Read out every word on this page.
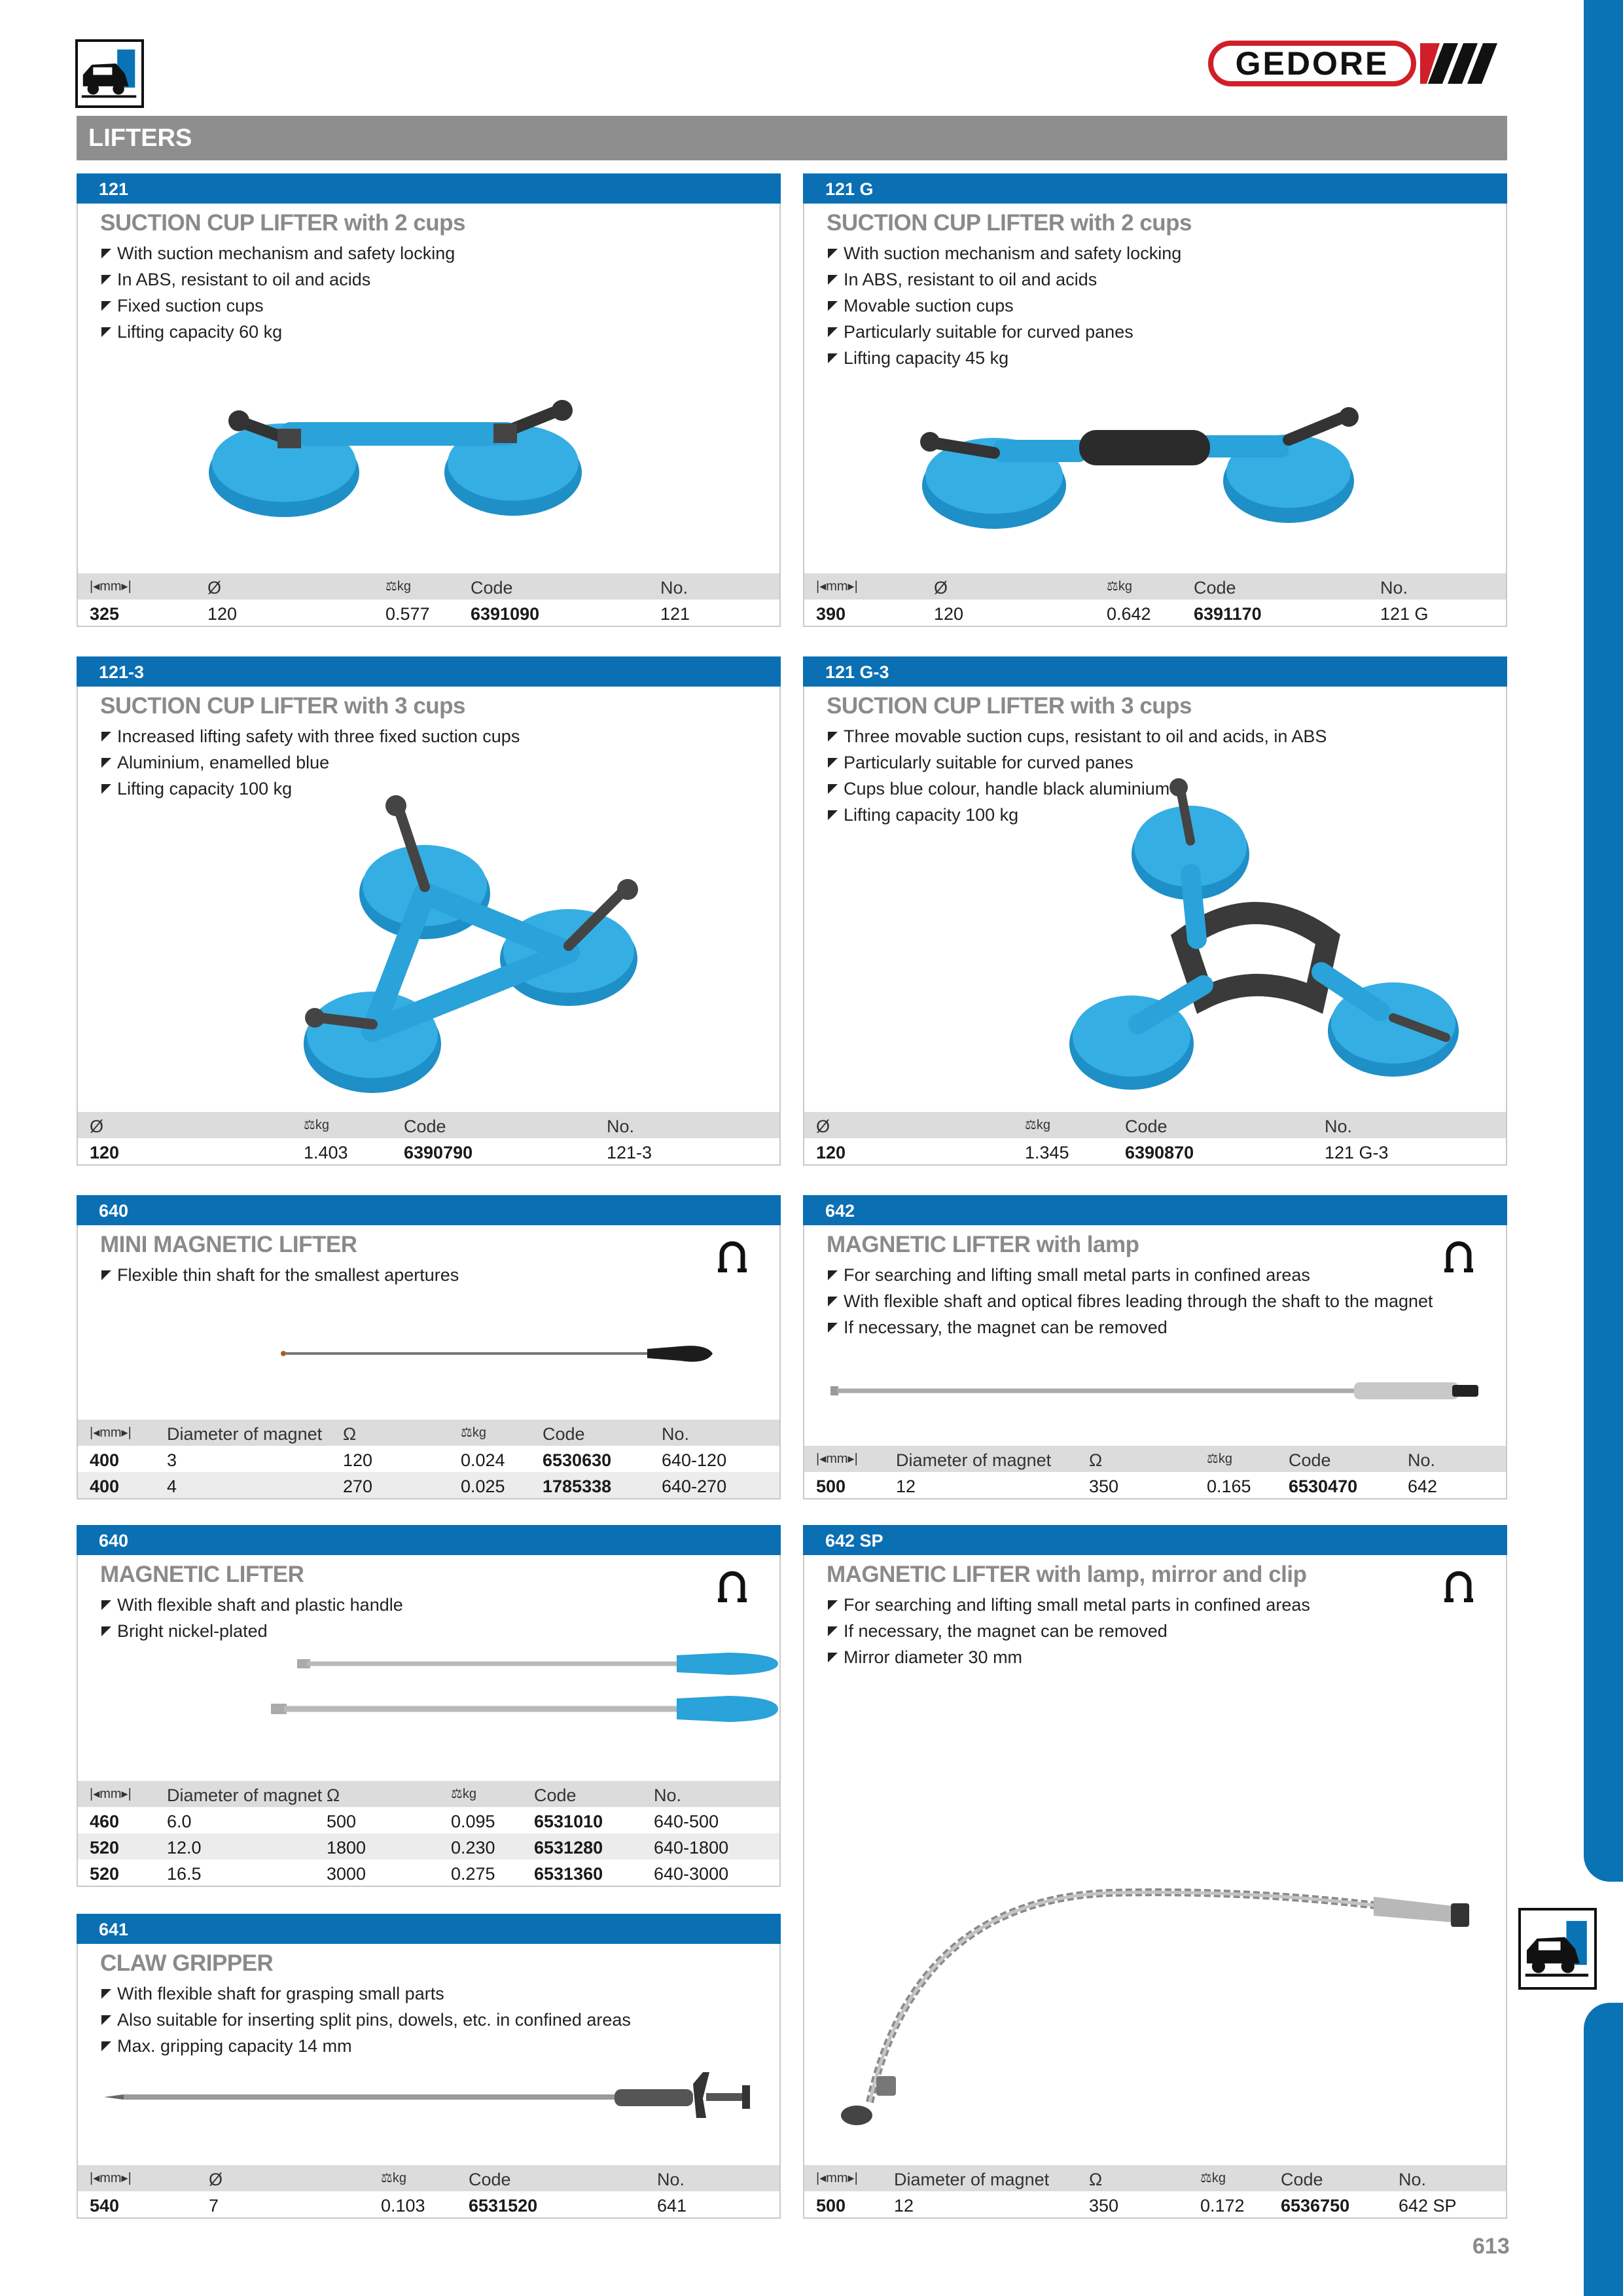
GEDORE
LIFTERS
121
SUCTION CUP LIFTER with 2 cups
With suction mechanism and safety locking
In ABS, resistant to oil and acids
Fixed suction cups
Lifting capacity 60 kg
|◂mm▸|	Ø	⚖kg	Code	No.
325	120	0.577 6391090	121
121 G
SUCTION CUP LIFTER with 2 cups
With suction mechanism and safety locking
In ABS, resistant to oil and acids
Movable suction cups
Particularly suitable for curved panes
Lifting capacity 45 kg
|◂mm▸|	Ø	⚖kg	Code	No.
390	120	0.642 6391170	121 G
121-3
SUCTION CUP LIFTER with 3 cups
Increased lifting safety with three fixed suction cups
Aluminium, enamelled blue
Lifting capacity 100 kg
Ø	⚖kg	Code	No.
120	1.403	6390790	121-3
121 G-3
SUCTION CUP LIFTER with 3 cups
Three movable suction cups, resistant to oil and acids, in ABS
Particularly suitable for curved panes
Cups blue colour, handle black aluminium
Lifting capacity 100 kg
Ø	⚖kg	Code	No.
120	1.345	6390870	121 G-3
640
MINI MAGNETIC LIFTER
Flexible thin shaft for the smallest apertures
|◂mm▸| Diameter of magnet Ω	⚖kg	Code	No.
400	3	120	0.024 6530630	640-120
400	4	270	0.025 1785338	640-270
642
MAGNETIC LIFTER with lamp
For searching and lifting small metal parts in confined areas
With flexible shaft and optical fibres leading through the shaft to the magnet
If necessary, the magnet can be removed
|◂mm▸| Diameter of magnet Ω	⚖kg	Code	No.
500	12	350	0.165 6530470	642
640
MAGNETIC LIFTER
With flexible shaft and plastic handle
Bright nickel-plated
|◂mm▸| Diameter of magnet Ω	⚖kg	Code	No.
460	6.0	500	0.095 6531010	640-500
520	12.0	1800	0.230 6531280	640-1800
520	16.5	3000	0.275 6531360	640-3000
641
CLAW GRIPPER
With flexible shaft for grasping small parts
Also suitable for inserting split pins, dowels, etc. in confined areas
Max. gripping capacity 14 mm
|◂mm▸|	Ø	⚖kg	Code	No.
540	7	0.103 6531520	641
642 SP
MAGNETIC LIFTER with lamp, mirror and clip
For searching and lifting small metal parts in confined areas
If necessary, the magnet can be removed
Mirror diameter 30 mm
|◂mm▸| Diameter of magnet Ω	⚖kg	Code	No.
500	12	350	0.172 6536750	642 SP
613
